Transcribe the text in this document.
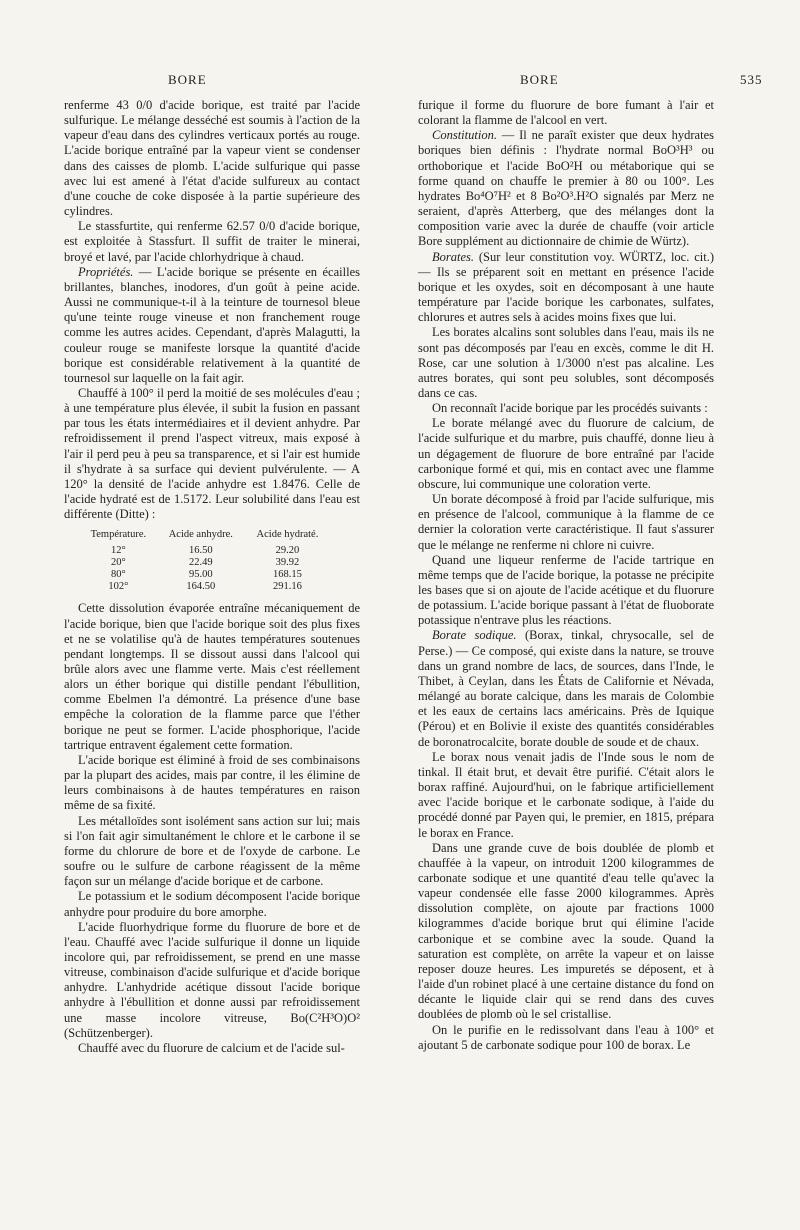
BORE	BORE	535

renferme 43 0/0 d'acide borique, est traité par l'acide sulfurique. Le mélange desséché est soumis à l'action de la vapeur d'eau dans des cylindres verticaux portés au rouge. L'acide borique entraîné par la vapeur vient se condenser dans des caisses de plomb. L'acide sulfurique qui passe avec lui est amené à l'état d'acide sulfureux au contact d'une couche de coke disposée à la partie supérieure des cylindres.

Le stassfurtite, qui renferme 62.57 0/0 d'acide borique, est exploitée à Stassfurt. Il suffit de traiter le minerai, broyé et lavé, par l'acide chlorhydrique à chaud.

Propriétés. — L'acide borique se présente en écailles brillantes, blanches, inodores, d'un goût à peine acide. Aussi ne communique-t-il à la teinture de tournesol bleue qu'une teinte rouge vineuse et non franchement rouge comme les autres acides. Cependant, d'après Malagutti, la couleur rouge se manifeste lorsque la quantité d'acide borique est considérable relativement à la quantité de tournesol sur laquelle on la fait agir.

Chauffé à 100° il perd la moitié de ses molécules d'eau ; à une température plus élevée, il subit la fusion en passant par tous les états intermédiaires et il devient anhydre. Par refroidissement il prend l'aspect vitreux, mais exposé à l'air il perd peu à peu sa transparence, et si l'air est humide il s'hydrate à sa surface qui devient pulvérulente. — A 120° la densité de l'acide anhydre est 1.8476. Celle de l'acide hydraté est de 1.5172. Leur solubilité dans l'eau est différente (Ditte) :

Température.	Acide anhydre.	Acide hydraté.
12°	16.50	29.20
20°	22.49	39.92
80°	95.00	168.15
102°	164.50	291.16

Cette dissolution évaporée entraîne mécaniquement de l'acide borique, bien que l'acide borique soit des plus fixes et ne se volatilise qu'à de hautes températures soutenues pendant longtemps. Il se dissout aussi dans l'alcool qui brûle alors avec une flamme verte. Mais c'est réellement alors un éther borique qui distille pendant l'ébullition, comme Ebelmen l'a démontré. La présence d'une base empêche la coloration de la flamme parce que l'éther borique ne peut se former. L'acide phosphorique, l'acide tartrique entravent également cette formation.

L'acide borique est éliminé à froid de ses combinaisons par la plupart des acides, mais par contre, il les élimine de leurs combinaisons à de hautes températures en raison même de sa fixité.

Les métalloïdes sont isolément sans action sur lui; mais si l'on fait agir simultanément le chlore et le carbone il se forme du chlorure de bore et de l'oxyde de carbone. Le soufre ou le sulfure de carbone réagissent de la même façon sur un mélange d'acide borique et de carbone.

Le potassium et le sodium décomposent l'acide borique anhydre pour produire du bore amorphe.

L'acide fluorhydrique forme du fluorure de bore et de l'eau. Chauffé avec l'acide sulfurique il donne un liquide incolore qui, par refroidissement, se prend en une masse vitreuse, combinaison d'acide sulfurique et d'acide borique anhydre. L'anhydride acétique dissout l'acide borique anhydre à l'ébullition et donne aussi par refroidissement une masse incolore vitreuse, Bo(C²H³O)O² (Schützenberger).

Chauffé avec du fluorure de calcium et de l'acide sul-

furique il forme du fluorure de bore fumant à l'air et colorant la flamme de l'alcool en vert.

Constitution. — Il ne paraît exister que deux hydrates boriques bien définis : l'hydrate normal BoO³H³ ou orthoborique et l'acide BoO²H ou métaborique qui se forme quand on chauffe le premier à 80 ou 100°. Les hydrates Bo⁴O⁷H² et 8 Bo²O³.H²O signalés par Merz ne seraient, d'après Atterberg, que des mélanges dont la composition varie avec la durée de chauffe (voir article Bore supplément au dictionnaire de chimie de Würtz).

Borates. (Sur leur constitution voy. WÜRTZ, loc. cit.) — Ils se préparent soit en mettant en présence l'acide borique et les oxydes, soit en décomposant à une haute température par l'acide borique les carbonates, sulfates, chlorures et autres sels à acides moins fixes que lui.

Les borates alcalins sont solubles dans l'eau, mais ils ne sont pas décomposés par l'eau en excès, comme le dit H. Rose, car une solution à 1/3000 n'est pas alcaline. Les autres borates, qui sont peu solubles, sont décomposés dans ce cas.

On reconnaît l'acide borique par les procédés suivants :

Le borate mélangé avec du fluorure de calcium, de l'acide sulfurique et du marbre, puis chauffé, donne lieu à un dégagement de fluorure de bore entraîné par l'acide carbonique formé et qui, mis en contact avec une flamme obscure, lui communique une coloration verte.

Un borate décomposé à froid par l'acide sulfurique, mis en présence de l'alcool, communique à la flamme de ce dernier la coloration verte caractéristique. Il faut s'assurer que le mélange ne renferme ni chlore ni cuivre.

Quand une liqueur renferme de l'acide tartrique en même temps que de l'acide borique, la potasse ne précipite les bases que si on ajoute de l'acide acétique et du fluorure de potassium. L'acide borique passant à l'état de fluoborate potassique n'entrave plus les réactions.

Borate sodique. (Borax, tinkal, chrysocalle, sel de Perse.) — Ce composé, qui existe dans la nature, se trouve dans un grand nombre de lacs, de sources, dans l'Inde, le Thibet, à Ceylan, dans les États de Californie et Névada, mélangé au borate calcique, dans les marais de Colombie et les eaux de certains lacs américains. Près de Iquique (Pérou) et en Bolivie il existe des quantités considérables de boronatrocalcite, borate double de soude et de chaux.

Le borax nous venait jadis de l'Inde sous le nom de tinkal. Il était brut, et devait être purifié. C'était alors le borax raffiné. Aujourd'hui, on le fabrique artificiellement avec l'acide borique et le carbonate sodique, à l'aide du procédé donné par Payen qui, le premier, en 1815, prépara le borax en France.

Dans une grande cuve de bois doublée de plomb et chauffée à la vapeur, on introduit 1200 kilogrammes de carbonate sodique et une quantité d'eau telle qu'avec la vapeur condensée elle fasse 2000 kilogrammes. Après dissolution complète, on ajoute par fractions 1000 kilogrammes d'acide borique brut qui élimine l'acide carbonique et se combine avec la soude. Quand la saturation est complète, on arrête la vapeur et on laisse reposer douze heures. Les impuretés se déposent, et à l'aide d'un robinet placé à une certaine distance du fond on décante le liquide clair qui se rend dans des cuves doublées de plomb où le sel cristallise.

On le purifie en le redissolvant dans l'eau à 100° et ajoutant 5 de carbonate sodique pour 100 de borax. Le
